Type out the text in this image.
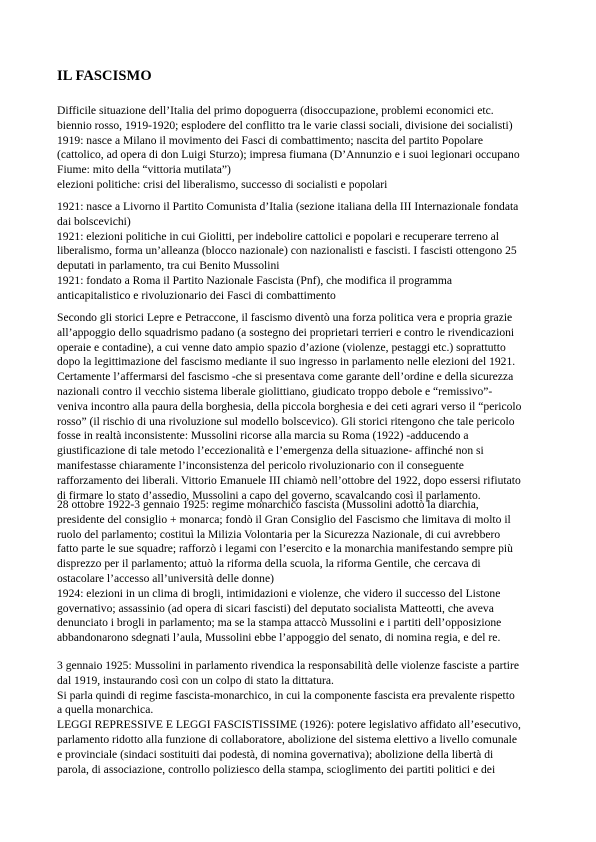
IL FASCISMO
Difficile situazione dell’Italia del primo dopoguerra (disoccupazione, problemi economici etc.
biennio rosso, 1919-1920; esplodere del conflitto tra le varie classi sociali, divisione dei socialisti)
1919: nasce a Milano il movimento dei Fasci di combattimento; nascita del partito Popolare
(cattolico, ad opera di don Luigi Sturzo); impresa fiumana (D’Annunzio e i suoi legionari occupano
Fiume: mito della “vittoria mutilata”)
elezioni politiche: crisi del liberalismo, successo di socialisti e popolari
1921: nasce a Livorno il Partito Comunista d’Italia (sezione italiana della III Internazionale fondata
dai bolscevichi)
1921: elezioni politiche in cui Giolitti, per indebolire cattolici e popolari e recuperare terreno al
liberalismo, forma un’alleanza (blocco nazionale) con nazionalisti e fascisti. I fascisti ottengono 25
deputati in parlamento, tra cui Benito Mussolini
1921: fondato a Roma il Partito Nazionale Fascista (Pnf), che modifica il programma
anticapitalistico e rivoluzionario dei Fasci di combattimento
Secondo gli storici Lepre e Petraccone, il fascismo diventò una forza politica vera e propria grazie
all’appoggio dello squadrismo padano (a sostegno dei proprietari terrieri e contro le rivendicazioni
operaie e contadine), a cui venne dato ampio spazio d’azione (violenze, pestaggi etc.) soprattutto
dopo la legittimazione del fascismo mediante il suo ingresso in parlamento nelle elezioni del 1921.
Certamente l’affermarsi del fascismo -che si presentava come garante dell’ordine e della sicurezza
nazionali contro il vecchio sistema liberale giolittiano, giudicato troppo debole e “remissivo”-
veniva incontro alla paura della borghesia, della piccola borghesia e dei ceti agrari verso il “pericolo
rosso” (il rischio di una rivoluzione sul modello bolscevico). Gli storici ritengono che tale pericolo
fosse in realtà inconsistente: Mussolini ricorse alla marcia su Roma (1922) -adducendo a
giustificazione di tale metodo l’eccezionalità e l’emergenza della situazione- affinché non si
manifestasse chiaramente l’inconsistenza del pericolo rivoluzionario con il conseguente
rafforzamento dei liberali. Vittorio Emanuele III chiamò nell’ottobre del 1922, dopo essersi rifiutato
di firmare lo stato d’assedio, Mussolini a capo del governo, scavalcando così il parlamento.
28 ottobre 1922-3 gennaio 1925: regime monarchico fascista (Mussolini adottò la diarchia,
presidente del consiglio + monarca; fondò il Gran Consiglio del Fascismo che limitava di molto il
ruolo del parlamento; costituì la Milizia Volontaria per la Sicurezza Nazionale, di cui avrebbero
fatto parte le sue squadre; rafforzò i legami con l’esercito e la monarchia manifestando sempre più
disprezzo per il parlamento; attuò la riforma della scuola, la riforma Gentile, che cercava di
ostacolare l’accesso all’università delle donne)
1924: elezioni in un clima di brogli, intimidazioni e violenze, che videro il successo del Listone
governativo; assassinio (ad opera di sicari fascisti) del deputato socialista Matteotti, che aveva
denunciato i brogli in parlamento; ma se la stampa attaccò Mussolini e i partiti dell’opposizione
abbandonarono sdegnati l’aula, Mussolini ebbe l’appoggio del senato, di nomina regia, e del re.
3 gennaio 1925: Mussolini in parlamento rivendica la responsabilità delle violenze fasciste a partire
dal 1919, instaurando così con un colpo di stato la dittatura.
Si parla quindi di regime fascista-monarchico, in cui la componente fascista era prevalente rispetto
a quella monarchica.
LEGGI REPRESSIVE E LEGGI FASCISTISSIME (1926): potere legislativo affidato all’esecutivo,
parlamento ridotto alla funzione di collaboratore, abolizione del sistema elettivo a livello comunale
e provinciale (sindaci sostituiti dai podestà, di nomina governativa); abolizione della libertà di
parola, di associazione, controllo poliziesco della stampa, scioglimento dei partiti politici e dei
